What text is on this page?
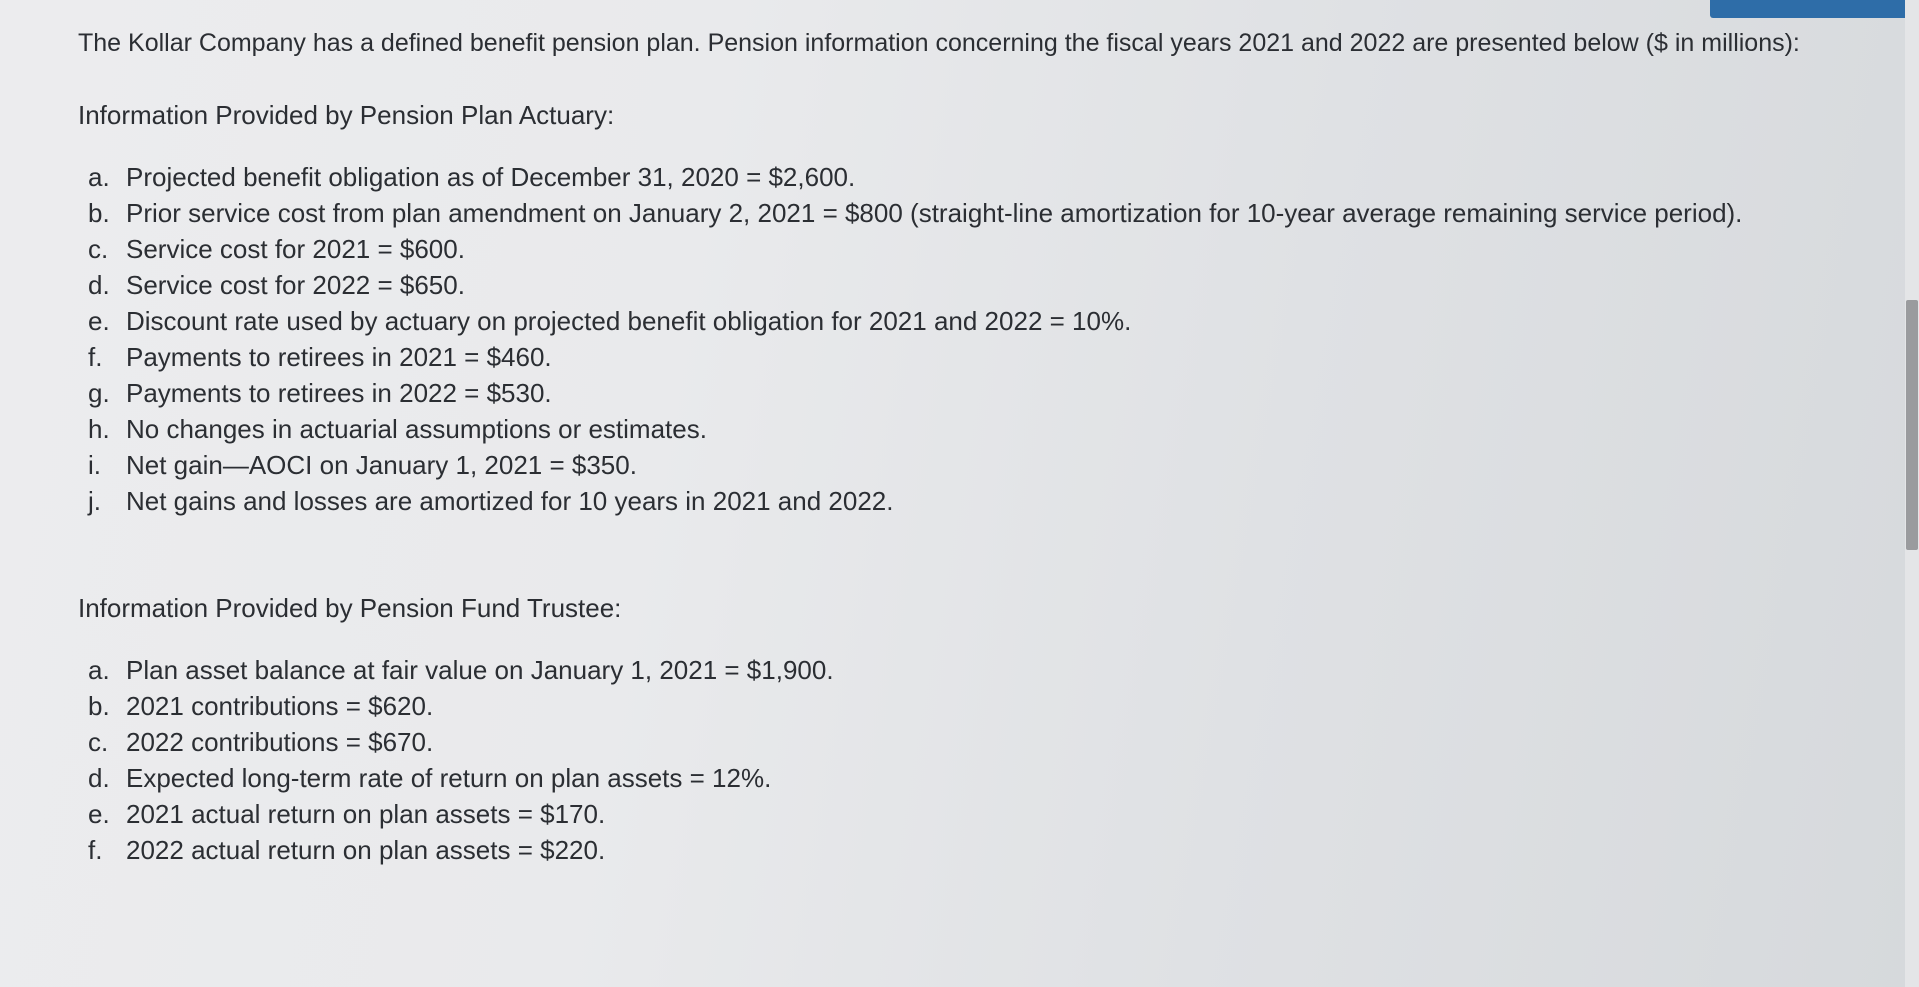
The Kollar Company has a defined benefit pension plan. Pension information concerning the fiscal years 2021 and 2022 are presented below ($ in millions):

Information Provided by Pension Plan Actuary:
a. Projected benefit obligation as of December 31, 2020 = $2,600.
b. Prior service cost from plan amendment on January 2, 2021 = $800 (straight-line amortization for 10-year average remaining service period).
c. Service cost for 2021 = $600.
d. Service cost for 2022 = $650.
e. Discount rate used by actuary on projected benefit obligation for 2021 and 2022 = 10%.
f. Payments to retirees in 2021 = $460.
g. Payments to retirees in 2022 = $530.
h. No changes in actuarial assumptions or estimates.
i. Net gain—AOCI on January 1, 2021 = $350.
j. Net gains and losses are amortized for 10 years in 2021 and 2022.
Information Provided by Pension Fund Trustee:
a. Plan asset balance at fair value on January 1, 2021 = $1,900.
b. 2021 contributions = $620.
c. 2022 contributions = $670.
d. Expected long-term rate of return on plan assets = 12%.
e. 2021 actual return on plan assets = $170.
f. 2022 actual return on plan assets = $220.
